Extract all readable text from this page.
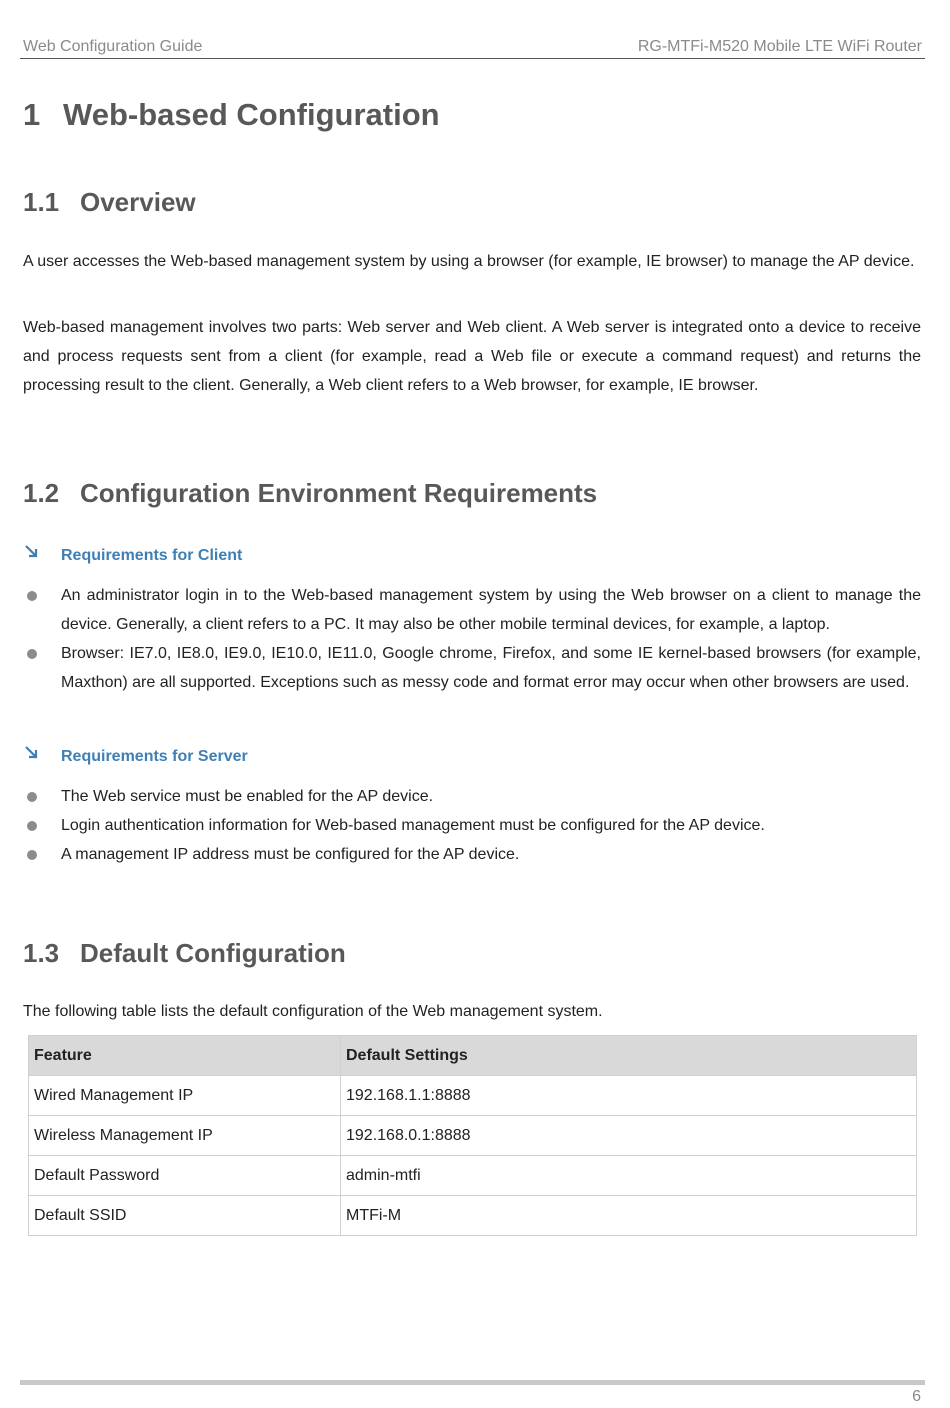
Web Configuration Guide	RG-MTFi-M520 Mobile LTE WiFi Router
1 Web-based Configuration
1.1 Overview

A user accesses the Web-based management system by using a browser (for example, IE browser) to manage the AP device.

Web-based management involves two parts: Web server and Web client. A Web server is integrated onto a device to receive and process requests sent from a client (for example, read a Web file or execute a command request) and returns the processing result to the client. Generally, a Web client refers to a Web browser, for example, IE browser.

1.2 Configuration Environment Requirements
Requirements for Client
An administrator login in to the Web-based management system by using the Web browser on a client to manage the device. Generally, a client refers to a PC. It may also be other mobile terminal devices, for example, a laptop.
Browser: IE7.0, IE8.0, IE9.0, IE10.0, IE11.0, Google chrome, Firefox, and some IE kernel-based browsers (for example, Maxthon) are all supported. Exceptions such as messy code and format error may occur when other browsers are used.
Requirements for Server
The Web service must be enabled for the AP device.
Login authentication information for Web-based management must be configured for the AP device.
A management IP address must be configured for the AP device.
1.3 Default Configuration

The following table lists the default configuration of the Web management system.

Feature	Default Settings
Wired Management IP	192.168.1.1:8888
Wireless Management IP	192.168.0.1:8888
Default Password	admin-mtfi
Default SSID	MTFi-M
6
